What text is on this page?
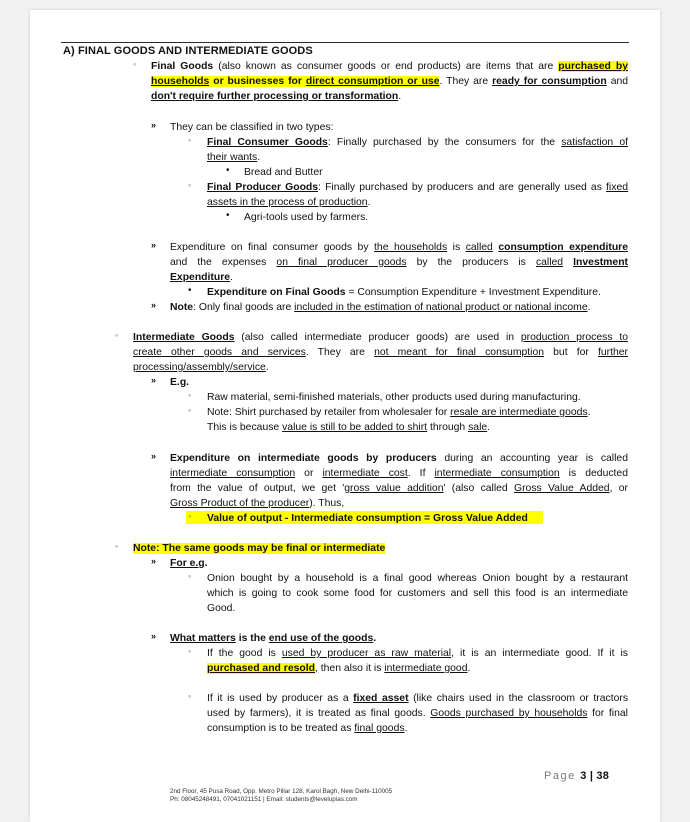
A) FINAL GOODS AND INTERMEDIATE GOODS
◦ Final Goods (also known as consumer goods or end products) are items that are purchased by
households or businesses for direct consumption or use. They are ready for consumption and
don't require further processing or transformation.
» They can be classified in two types:
◦ Final Consumer Goods: Finally purchased by the consumers for the satisfaction of
their wants.
• Bread and Butter
◦ Final Producer Goods: Finally purchased by producers and are generally used as fixed
assets in the process of production.
• Agri-tools used by farmers.
» Expenditure on final consumer goods by the households is called consumption expenditure
and the expenses on final producer goods by the producers is called Investment
Expenditure.
• Expenditure on Final Goods = Consumption Expenditure + Investment Expenditure.
» Note: Only final goods are included in the estimation of national product or national income.
◦ Intermediate Goods (also called intermediate producer goods) are used in production process to
create other goods and services. They are not meant for final consumption but for further
processing/assembly/service.
» E.g.
◦ Raw material, semi-finished materials, other products used during manufacturing.
◦ Note: Shirt purchased by retailer from wholesaler for resale are intermediate goods.
This is because value is still to be added to shirt through sale.
» Expenditure on intermediate goods by producers during an accounting year is called
intermediate consumption or intermediate cost. If intermediate consumption is deducted
from the value of output, we get 'gross value addition' (also called Gross Value Added, or
Gross Product of the producer). Thus,
◦ Value of output - Intermediate consumption = Gross Value Added
◦ Note: The same goods may be final or intermediate
» For e.g.
◦ Onion bought by a household is a final good whereas Onion bought by a restaurant
which is going to cook some food for customers and sell this food is an intermediate
Good.
» What matters is the end use of the goods.
◦ If the good is used by producer as raw material, it is an intermediate good. If it is
purchased and resold, then also it is intermediate good.
◦ If it is used by producer as a fixed asset (like chairs used in the classroom or tractors
used by farmers), it is treated as final goods. Goods purchased by households for final
consumption is to be treated as final goods.
Page 3 | 38
2nd Floor, 45 Pusa Road, Opp. Metro Pillar 128, Karol Bagh, New Delhi-110005
Ph: 08045248491, 07041021151 | Email: students@levelupias.com
